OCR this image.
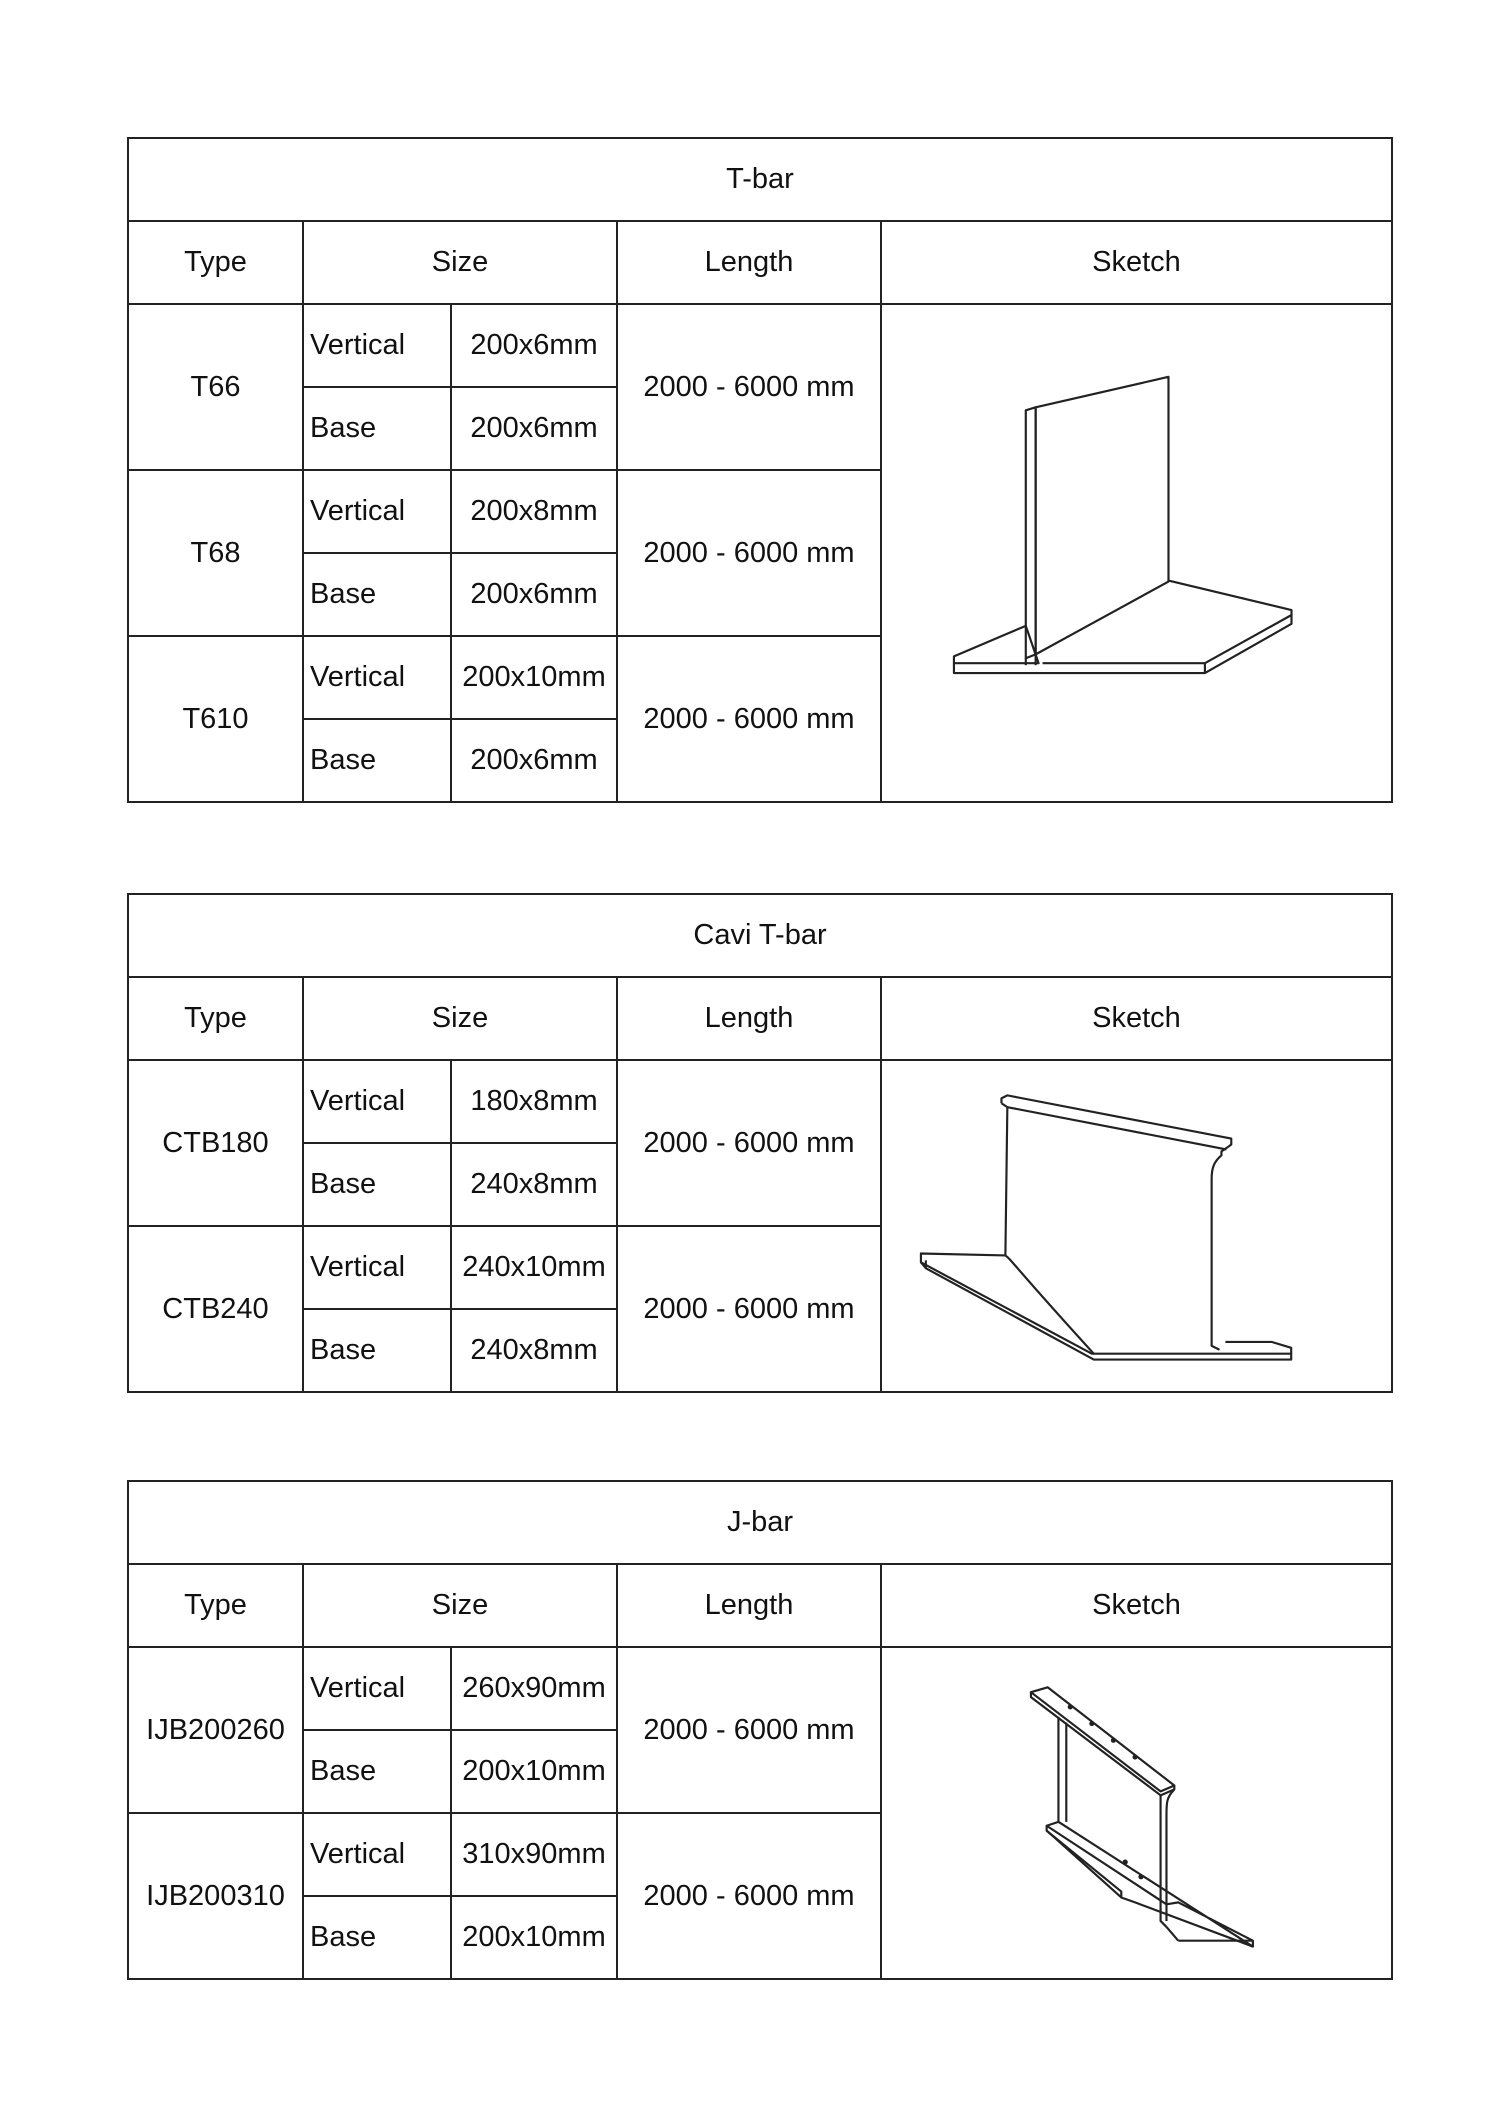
T-bar				
Type	Size		Length	Sketch
T66	Vertical	200x6mm	2000 - 6000 mm	

	Base	200x6mm		
T68	Vertical	200x8mm	2000 - 6000 mm	
	Base	200x6mm		
T610	Vertical	200x10mm	2000 - 6000 mm	
	Base	200x6mm		
Cavi T-bar				
Type	Size		Length	Sketch
CTB180	Vertical	180x8mm	2000 - 6000 mm	

	Base	240x8mm		
CTB240	Vertical	240x10mm	2000 - 6000 mm	
	Base	240x8mm		
J-bar				
Type	Size		Length	Sketch
IJB200260	Vertical	260x90mm	2000 - 6000 mm	

	Base	200x10mm		
IJB200310	Vertical	310x90mm	2000 - 6000 mm	
	Base	200x10mm		
